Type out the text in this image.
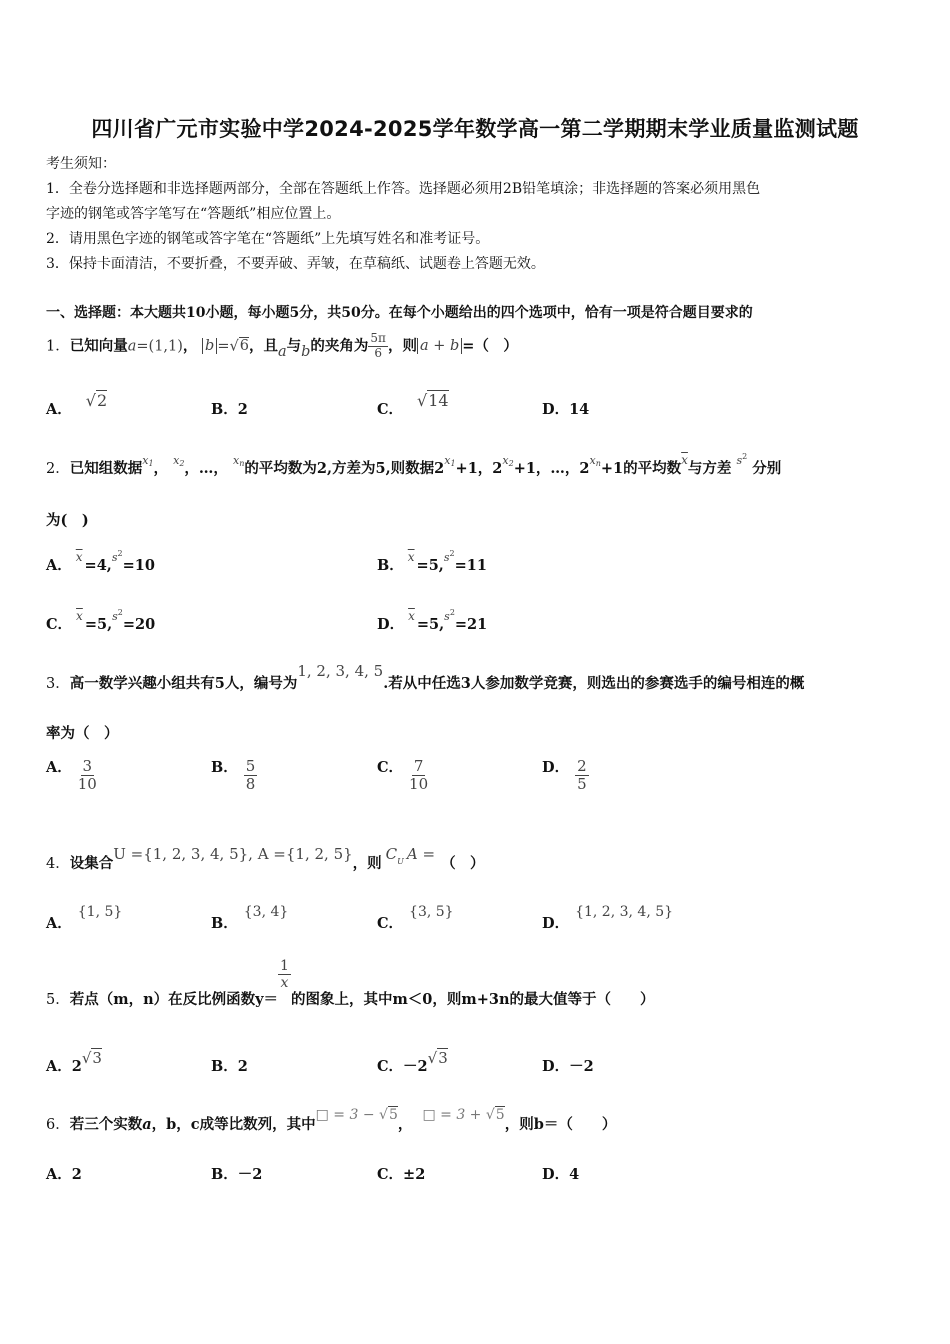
四川省广元市实验中学2024-2025学年数学高一第二学期期末学业质量监测试题
考生须知：
1．全卷分选择题和非选择题两部分，全部在答题纸上作答。选择题必须用2B铅笔填涂；非选择题的答案必须用黑色
字迹的钢笔或答字笔写在“答题纸”相应位置上。
2．请用黑色字迹的钢笔或答字笔在“答题纸”上先填写姓名和准考证号。
3．保持卡面清洁，不要折叠，不要弄破、弄皱，在草稿纸、试题卷上答题无效。
一、选择题：本大题共10小题，每小题5分，共50分。在每个小题给出的四个选项中，恰有一项是符合题目要求的
1．已知向量a=(1,1)， b =√6，且a与b的夹角为 $\frac{5\pi}{6}$ ，则 a + b =（　）
A． √2	B．2	C． √14	D．14
2．已知组数据$^{x1}$， $^{x2}$，…， $^{xn}$的平均数为2,方差为5,则数据$2^{x1}+1$，$2^{x2}+1$，…，$2^{xn}+1$的平均数$^{\overline{x}}$与方差 $^{s2}$ 分别
为(　)
A． $^{\overline{x}}$ =4,$^{s2}$=10	B． $^{\overline{x}}$ =5,$^{s2}$=11
C． $^{\overline{x}}$ =5,$^{s2}$=20	D． $^{\overline{x}}$ =5,$^{s2}$=21
3．高一数学兴趣小组共有5人，编号为1, 2, 3, 4, 5.若从中任选3人参加数学竞赛，则选出的参赛选手的编号相连的概
率为（　）
A． $\frac{3}{10}$	B． $\frac{5}{8}$	C． $\frac{7}{10}$	D． $\frac{2}{5}$
4．设集合U ={1, 2, 3, 4, 5}, A ={1, 2, 5}，则$C^U$ A =（　）
A．{1, 5}
B．{3, 4}
C．{3, 5}
D．{1, 2, 3, 4, 5}
5．若点（m，n）在反比例函数y＝
$\frac{1}{x}$
的图象上，其中m＜0，则m+3n的最大值等于（　　）
A．2√3	B．2	C．－2√3	D．－2
6．若三个实数a，b，c成等比数列，其中□ = 3 − √5，  □ = 3 + √5，则b＝（　　）
A．2	B．－2	C．±2	D．4
